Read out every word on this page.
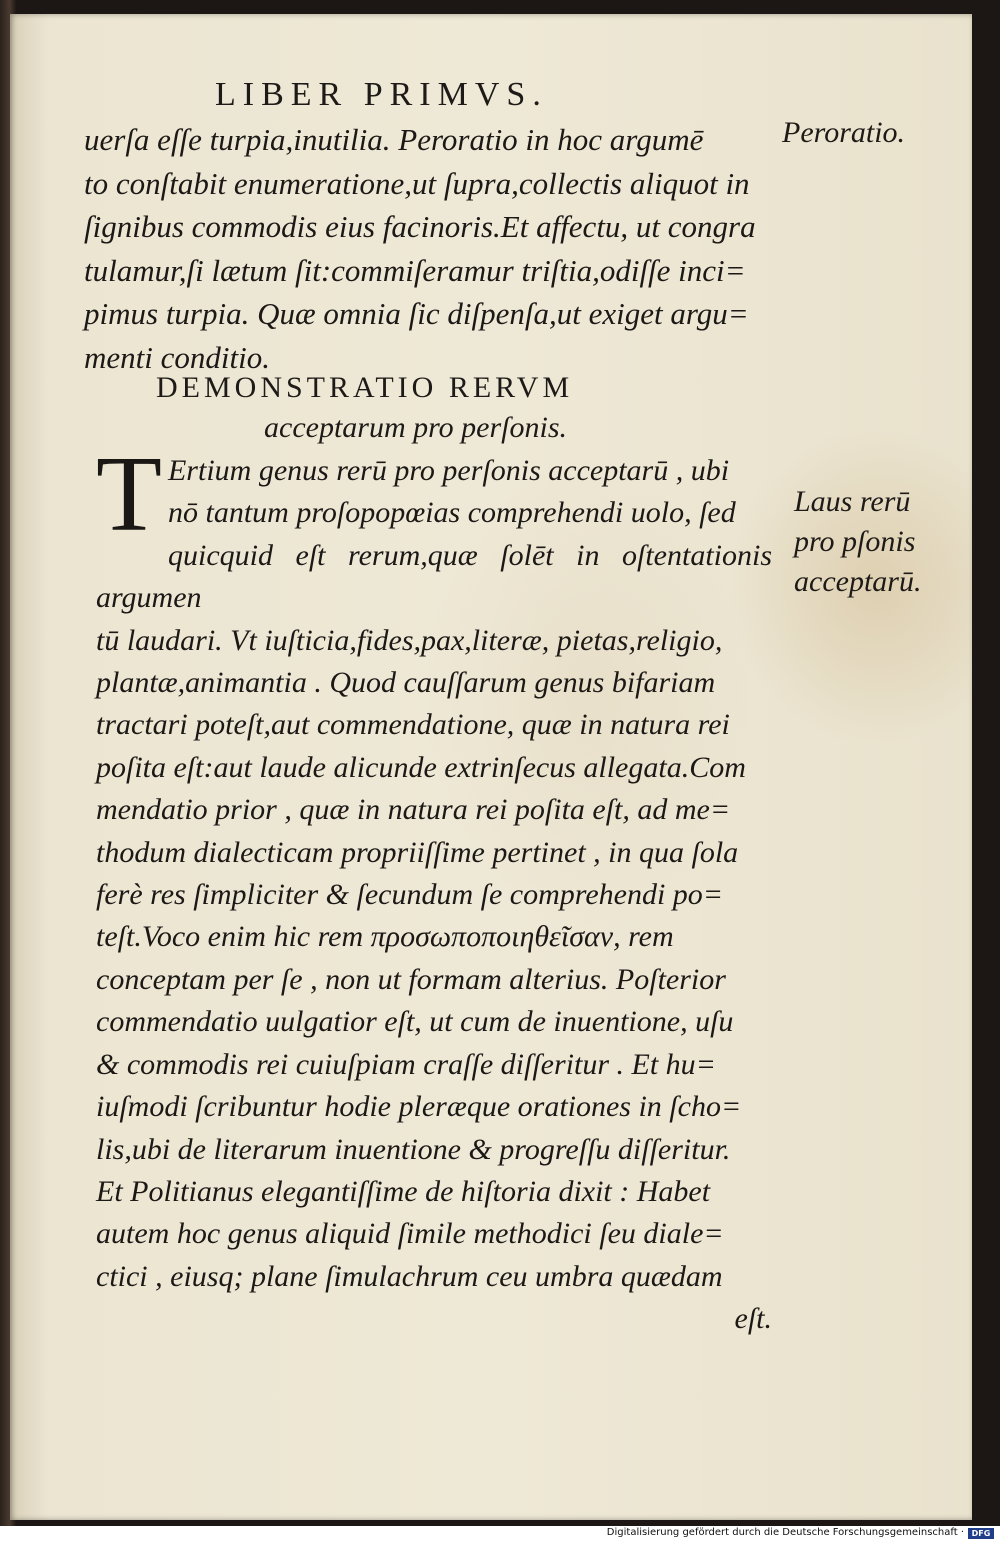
LIBER PRIMVS.

uerſa eſſe turpia,inutilia. Peroratio in hoc argumē

to conſtabit enumeratione,ut ſupra,collectis aliquot in

ſignibus commodis eius facinoris.Et affectu, ut congra

tulamur,ſi lætum ſit:commiſeramur triſtia,odiſſe inci=

pimus turpia. Quæ omnia ſic diſpenſa,ut exiget argu=

menti conditio.

Peroratio.
DEMONSTRATIO RERVM
acceptarum pro perſonis.
T Ertium genus rerū pro perſonis acceptarū , ubi
nō tantum proſopopœias comprehendi uolo, ſed
quicquid eſt rerum,quæ ſolēt in oſtentationis argumen
tū laudari. Vt iuſticia,fides,pax,literæ, pietas,religio,
plantæ,animantia . Quod cauſſarum genus bifariam
tractari poteſt,aut commendatione, quæ in natura rei
poſita eſt:aut laude alicunde extrinſecus allegata.Com
mendatio prior , quæ in natura rei poſita eſt, ad me=
thodum dialecticam propriiſſime pertinet , in qua ſola
ferè res ſimpliciter & ſecundum ſe comprehendi po=
teſt.Voco enim hic rem προσωποποιηθεῖσαν, rem
conceptam per ſe , non ut formam alterius. Poſterior
commendatio uulgatior eſt, ut cum de inuentione, uſu
& commodis rei cuiuſpiam craſſe diſſeritur . Et hu=
iuſmodi ſcribuntur hodie pleræque orationes in ſcho=
lis,ubi de literarum inuentione & progreſſu diſſeritur.
Et Politianus elegantiſſime de hiſtoria dixit : Habet
autem hoc genus aliquid ſimile methodici ſeu diale=
ctici , eiusq; plane ſimulachrum ceu umbra quædam
eſt.
Laus rerū
pro pſonis
acceptarū.
Digitalisierung gefördert durch die Deutsche Forschungsgemeinschaft · DFG
